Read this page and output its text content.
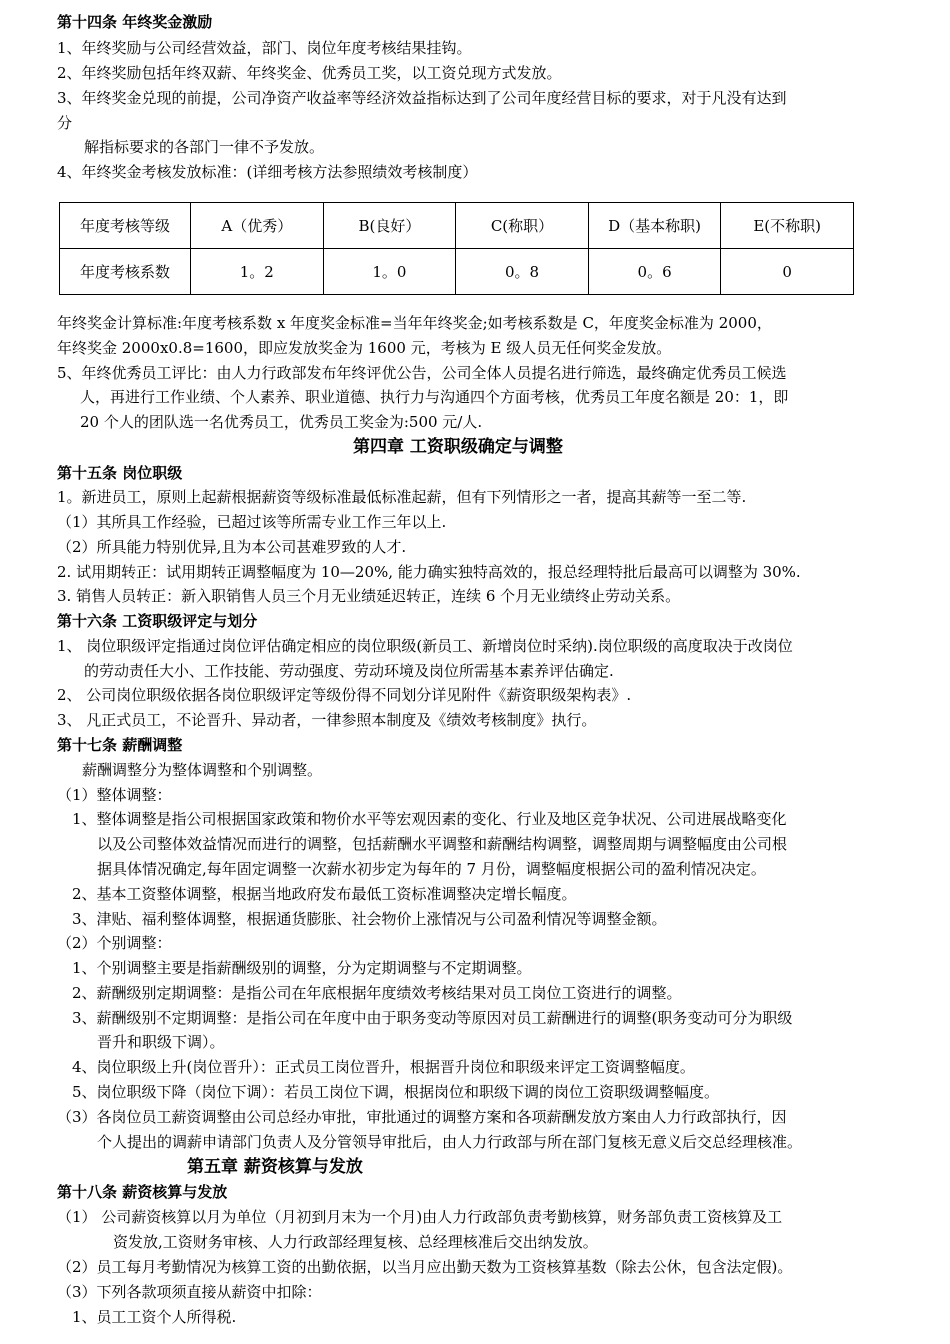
第十四条 年终奖金激励
1、年终奖励与公司经营效益，部门、岗位年度考核结果挂钩。
2、年终奖励包括年终双薪、年终奖金、优秀员工奖，以工资兑现方式发放。
3、年终奖金兑现的前提，公司净资产收益率等经济效益指标达到了公司年度经营目标的要求，对于凡没有达到
分
解指标要求的各部门一律不予发放。
4、年终奖金考核发放标准：(详细考核方法参照绩效考核制度）
年终奖金计算标准:年度考核系数 x 年度奖金标准=当年年终奖金;如考核系数是 C，年度奖金标准为 2000，
年终奖金 2000x0.8=1600，即应发放奖金为 1600 元，考核为 E 级人员无任何奖金发放。
5、年终优秀员工评比：由人力行政部发布年终评优公告，公司全体人员提名进行筛选，最终确定优秀员工候选
人，再进行工作业绩、个人素养、职业道德、执行力与沟通四个方面考核，优秀员工年度名额是 20：1，即
20 个人的团队选一名优秀员工，优秀员工奖金为:500 元/人.
第四章 工资职级确定与调整
第十五条 岗位职级
1。新进员工，原则上起薪根据薪资等级标准最低标准起薪，但有下列情形之一者，提高其薪等一至二等.
（1）其所具工作经验，已超过该等所需专业工作三年以上.
（2）所具能力特别优异,且为本公司甚难罗致的人才.
2. 试用期转正：试用期转正调整幅度为 10—20%, 能力确实独特高效的，报总经理特批后最高可以调整为 30%.
3. 销售人员转正：新入职销售人员三个月无业绩延迟转正，连续 6 个月无业绩终止劳动关系。
第十六条 工资职级评定与划分
1、 岗位职级评定指通过岗位评估确定相应的岗位职级(新员工、新增岗位时采纳).岗位职级的高度取决于改岗位
的劳动责任大小、工作技能、劳动强度、劳动环境及岗位所需基本素养评估确定.
2、 公司岗位职级依据各岗位职级评定等级份得不同划分详见附件《薪资职级架构表》.
3、 凡正式员工，不论晋升、异动者，一律参照本制度及《绩效考核制度》执行。
第十七条 薪酬调整
薪酬调整分为整体调整和个别调整。
（1）整体调整：
1、整体调整是指公司根据国家政策和物价水平等宏观因素的变化、行业及地区竞争状况、公司进展战略变化
以及公司整体效益情况而进行的调整，包括薪酬水平调整和薪酬结构调整，调整周期与调整幅度由公司根
据具体情况确定,每年固定调整一次薪水初步定为每年的 7 月份，调整幅度根据公司的盈利情况决定。
2、基本工资整体调整，根据当地政府发布最低工资标准调整决定增长幅度。
3、津贴、福利整体调整，根据通货膨胀、社会物价上涨情况与公司盈利情况等调整金额。
（2）个别调整：
1、个别调整主要是指薪酬级别的调整，分为定期调整与不定期调整。
2、薪酬级别定期调整：是指公司在年底根据年度绩效考核结果对员工岗位工资进行的调整。
3、薪酬级别不定期调整：是指公司在年度中由于职务变动等原因对员工薪酬进行的调整(职务变动可分为职级
晋升和职级下调）。
4、岗位职级上升(岗位晋升）：正式员工岗位晋升，根据晋升岗位和职级来评定工资调整幅度。
5、岗位职级下降（岗位下调）：若员工岗位下调，根据岗位和职级下调的岗位工资职级调整幅度。
（3）各岗位员工薪资调整由公司总经办审批，审批通过的调整方案和各项薪酬发放方案由人力行政部执行，因
个人提出的调薪申请部门负责人及分管领导审批后，由人力行政部与所在部门复核无意义后交总经理核准。
第五章 薪资核算与发放
第十八条 薪资核算与发放
（1） 公司薪资核算以月为单位（月初到月末为一个月)由人力行政部负责考勤核算，财务部负责工资核算及工
资发放,工资财务审核、人力行政部经理复核、总经理核准后交出纳发放。
（2）员工每月考勤情况为核算工资的出勤依据，以当月应出勤天数为工资核算基数（除去公休，包含法定假)。
（3）下列各款项须直接从薪资中扣除：
1、员工工资个人所得税.
年度考核等级	A（优秀）	B(良好）	C(称职）	D（基本称职)	E(不称职)
年度考核系数	1。2	1。0	0。8	0。6	0
